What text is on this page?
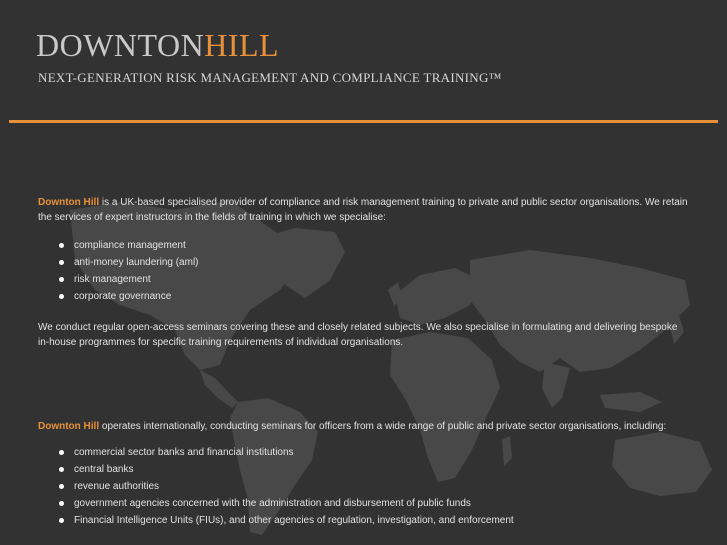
DOWNTONHILL
NEXT-GENERATION RISK MANAGEMENT AND COMPLIANCE TRAINING™

Downton Hill is a UK-based specialised provider of compliance and risk management training to private and public sector organisations. We retain the services of expert instructors in the fields of training in which we specialise:

compliance management
anti-money laundering (aml)
risk management
corporate governance

We conduct regular open-access seminars covering these and closely related subjects. We also specialise in formulating and delivering bespoke in-house programmes for specific training requirements of individual organisations.

Downton Hill operates internationally, conducting seminars for officers from a wide range of public and private sector organisations, including:

commercial sector banks and financial institutions
central banks
revenue authorities
government agencies concerned with the administration and disbursement of public funds
Financial Intelligence Units (FIUs), and other agencies of regulation, investigation, and enforcement
